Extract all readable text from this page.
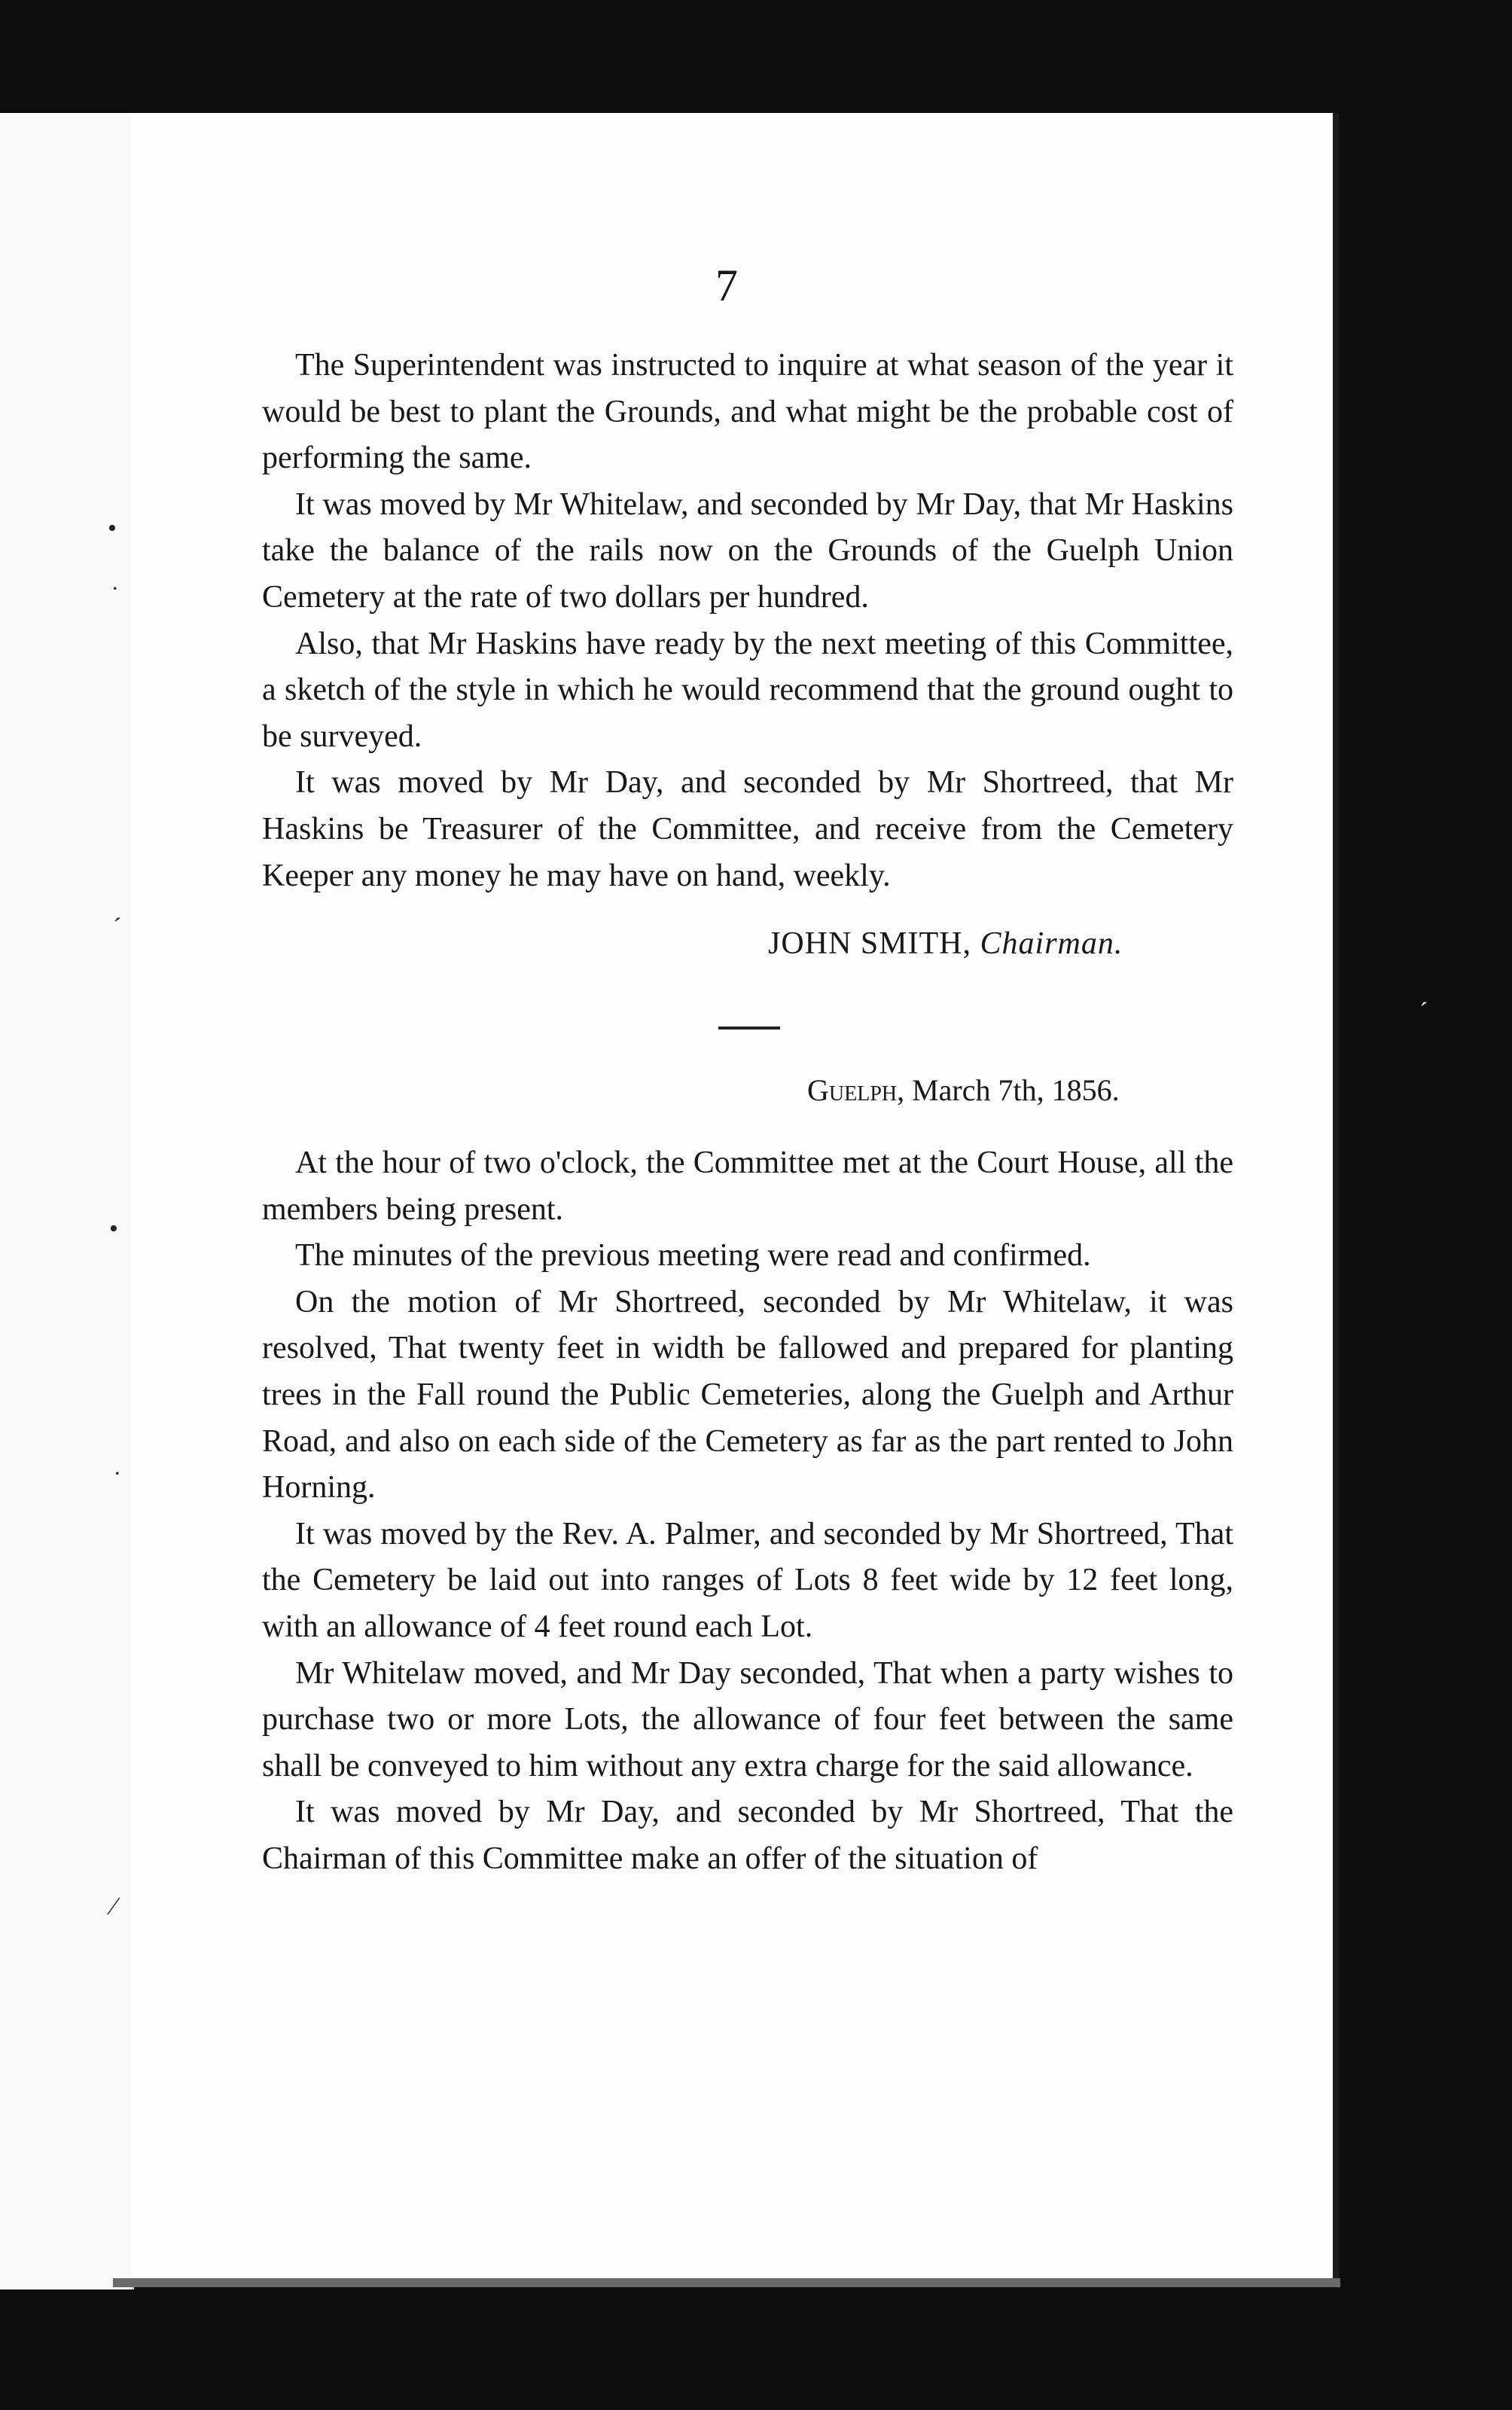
•
˙
ˊ
•
˙
∕
ˊ
7

The Superintendent was instructed to inquire at what season of the year it would be best to plant the Grounds, and what might be the probable cost of performing the same.

It was moved by Mr Whitelaw, and seconded by Mr Day, that Mr Haskins take the balance of the rails now on the Grounds of the Guelph Union Cemetery at the rate of two dollars per hundred.

Also, that Mr Haskins have ready by the next meeting of this Committee, a sketch of the style in which he would recommend that the ground ought to be surveyed.

It was moved by Mr Day, and seconded by Mr Shortreed, that Mr Haskins be Treasurer of the Committee, and receive from the Cemetery Keeper any money he may have on hand, weekly.

JOHN SMITH, Chairman.
Guelph, March 7th, 1856.

At the hour of two o'clock, the Committee met at the Court House, all the members being present.

The minutes of the previous meeting were read and confirmed.

On the motion of Mr Shortreed, seconded by Mr Whitelaw, it was resolved, That twenty feet in width be fallowed and prepared for planting trees in the Fall round the Public Cemeteries, along the Guelph and Arthur Road, and also on each side of the Cemetery as far as the part rented to John Horning.

It was moved by the Rev. A. Palmer, and seconded by Mr Shortreed, That the Cemetery be laid out into ranges of Lots 8 feet wide by 12 feet long, with an allowance of 4 feet round each Lot.

Mr Whitelaw moved, and Mr Day seconded, That when a party wishes to purchase two or more Lots, the allowance of four feet between the same shall be conveyed to him without any extra charge for the said allowance.

It was moved by Mr Day, and seconded by Mr Shortreed, That the Chairman of this Committee make an offer of the situation of
